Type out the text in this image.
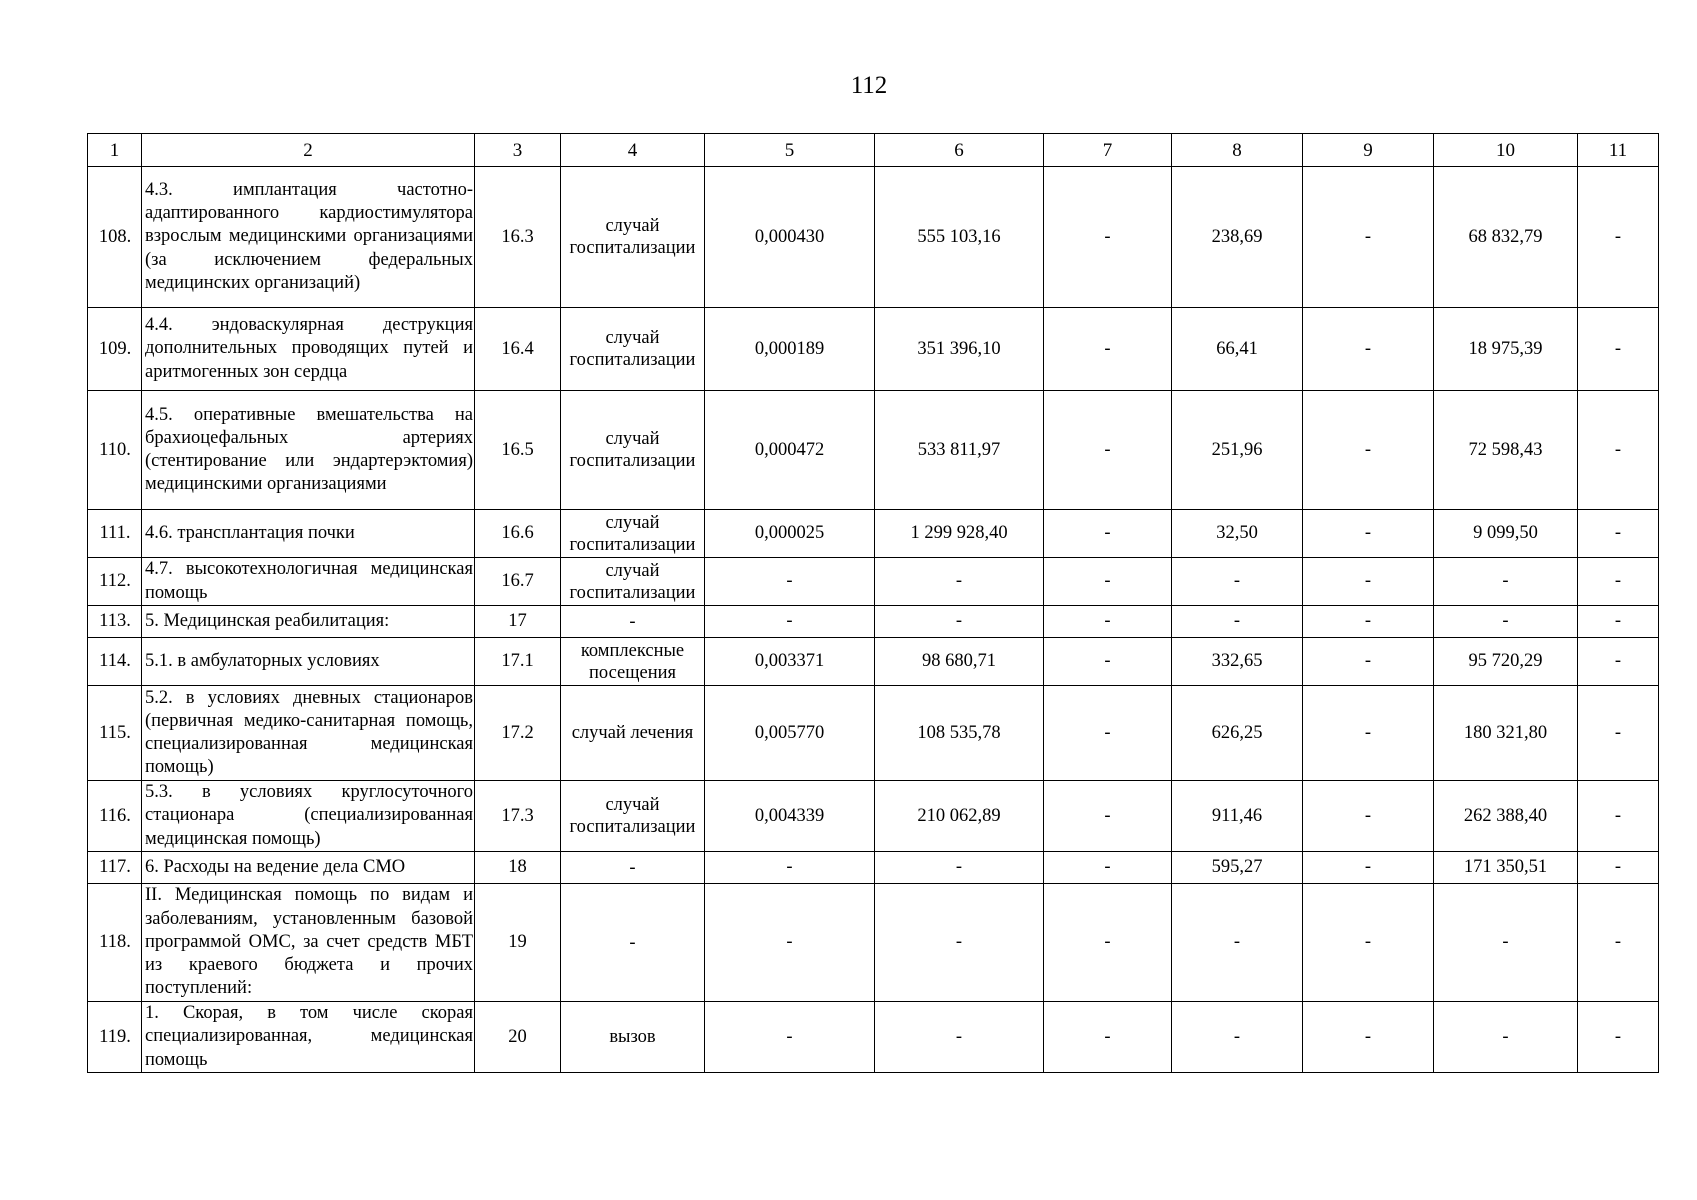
112
1	2	3	4	5	6	7	8	9	10	11
108.	4.3. имплантация частотно-адаптированного кардиостимулятора взрослым медицинскими организациями (за исключением федеральных медицинских организаций)	16.3	случай госпитализации	0,000430	555 103,16	-	238,69	-	68 832,79	-
109.	4.4. эндоваскулярная деструкция дополнительных проводящих путей и аритмогенных зон сердца	16.4	случай госпитализации	0,000189	351 396,10	-	66,41	-	18 975,39	-
110.	4.5. оперативные вмешательства на брахиоцефальных артериях (стентирование или эндартерэктомия) медицинскими организациями	16.5	случай госпитализации	0,000472	533 811,97	-	251,96	-	72 598,43	-
111.	4.6. трансплантация почки	16.6	случай госпитализации	0,000025	1 299 928,40	-	32,50	-	9 099,50	-
112.	4.7. высокотехнологичная медицинская помощь	16.7	случай госпитализации	-	-	-	-	-	-	-
113.	5. Медицинская реабилитация:	17	-	-	-	-	-	-	-	-
114.	5.1. в амбулаторных условиях	17.1	комплексные посещения	0,003371	98 680,71	-	332,65	-	95 720,29	-
115.	5.2. в условиях дневных стационаров (первичная медико-санитарная помощь, специализированная медицинская помощь)	17.2	случай лечения	0,005770	108 535,78	-	626,25	-	180 321,80	-
116.	5.3. в условиях круглосуточного стационара (специализированная медицинская помощь)	17.3	случай госпитализации	0,004339	210 062,89	-	911,46	-	262 388,40	-
117.	6. Расходы на ведение дела СМО	18	-	-	-	-	595,27	-	171 350,51	-
118.	II. Медицинская помощь по видам и заболеваниям, установленным базовой программой ОМС, за счет средств МБТ из краевого бюджета и прочих поступлений:	19	-	-	-	-	-	-	-	-
119.	1. Скорая, в том числе скорая специализированная, медицинская помощь	20	вызов	-	-	-	-	-	-	-
